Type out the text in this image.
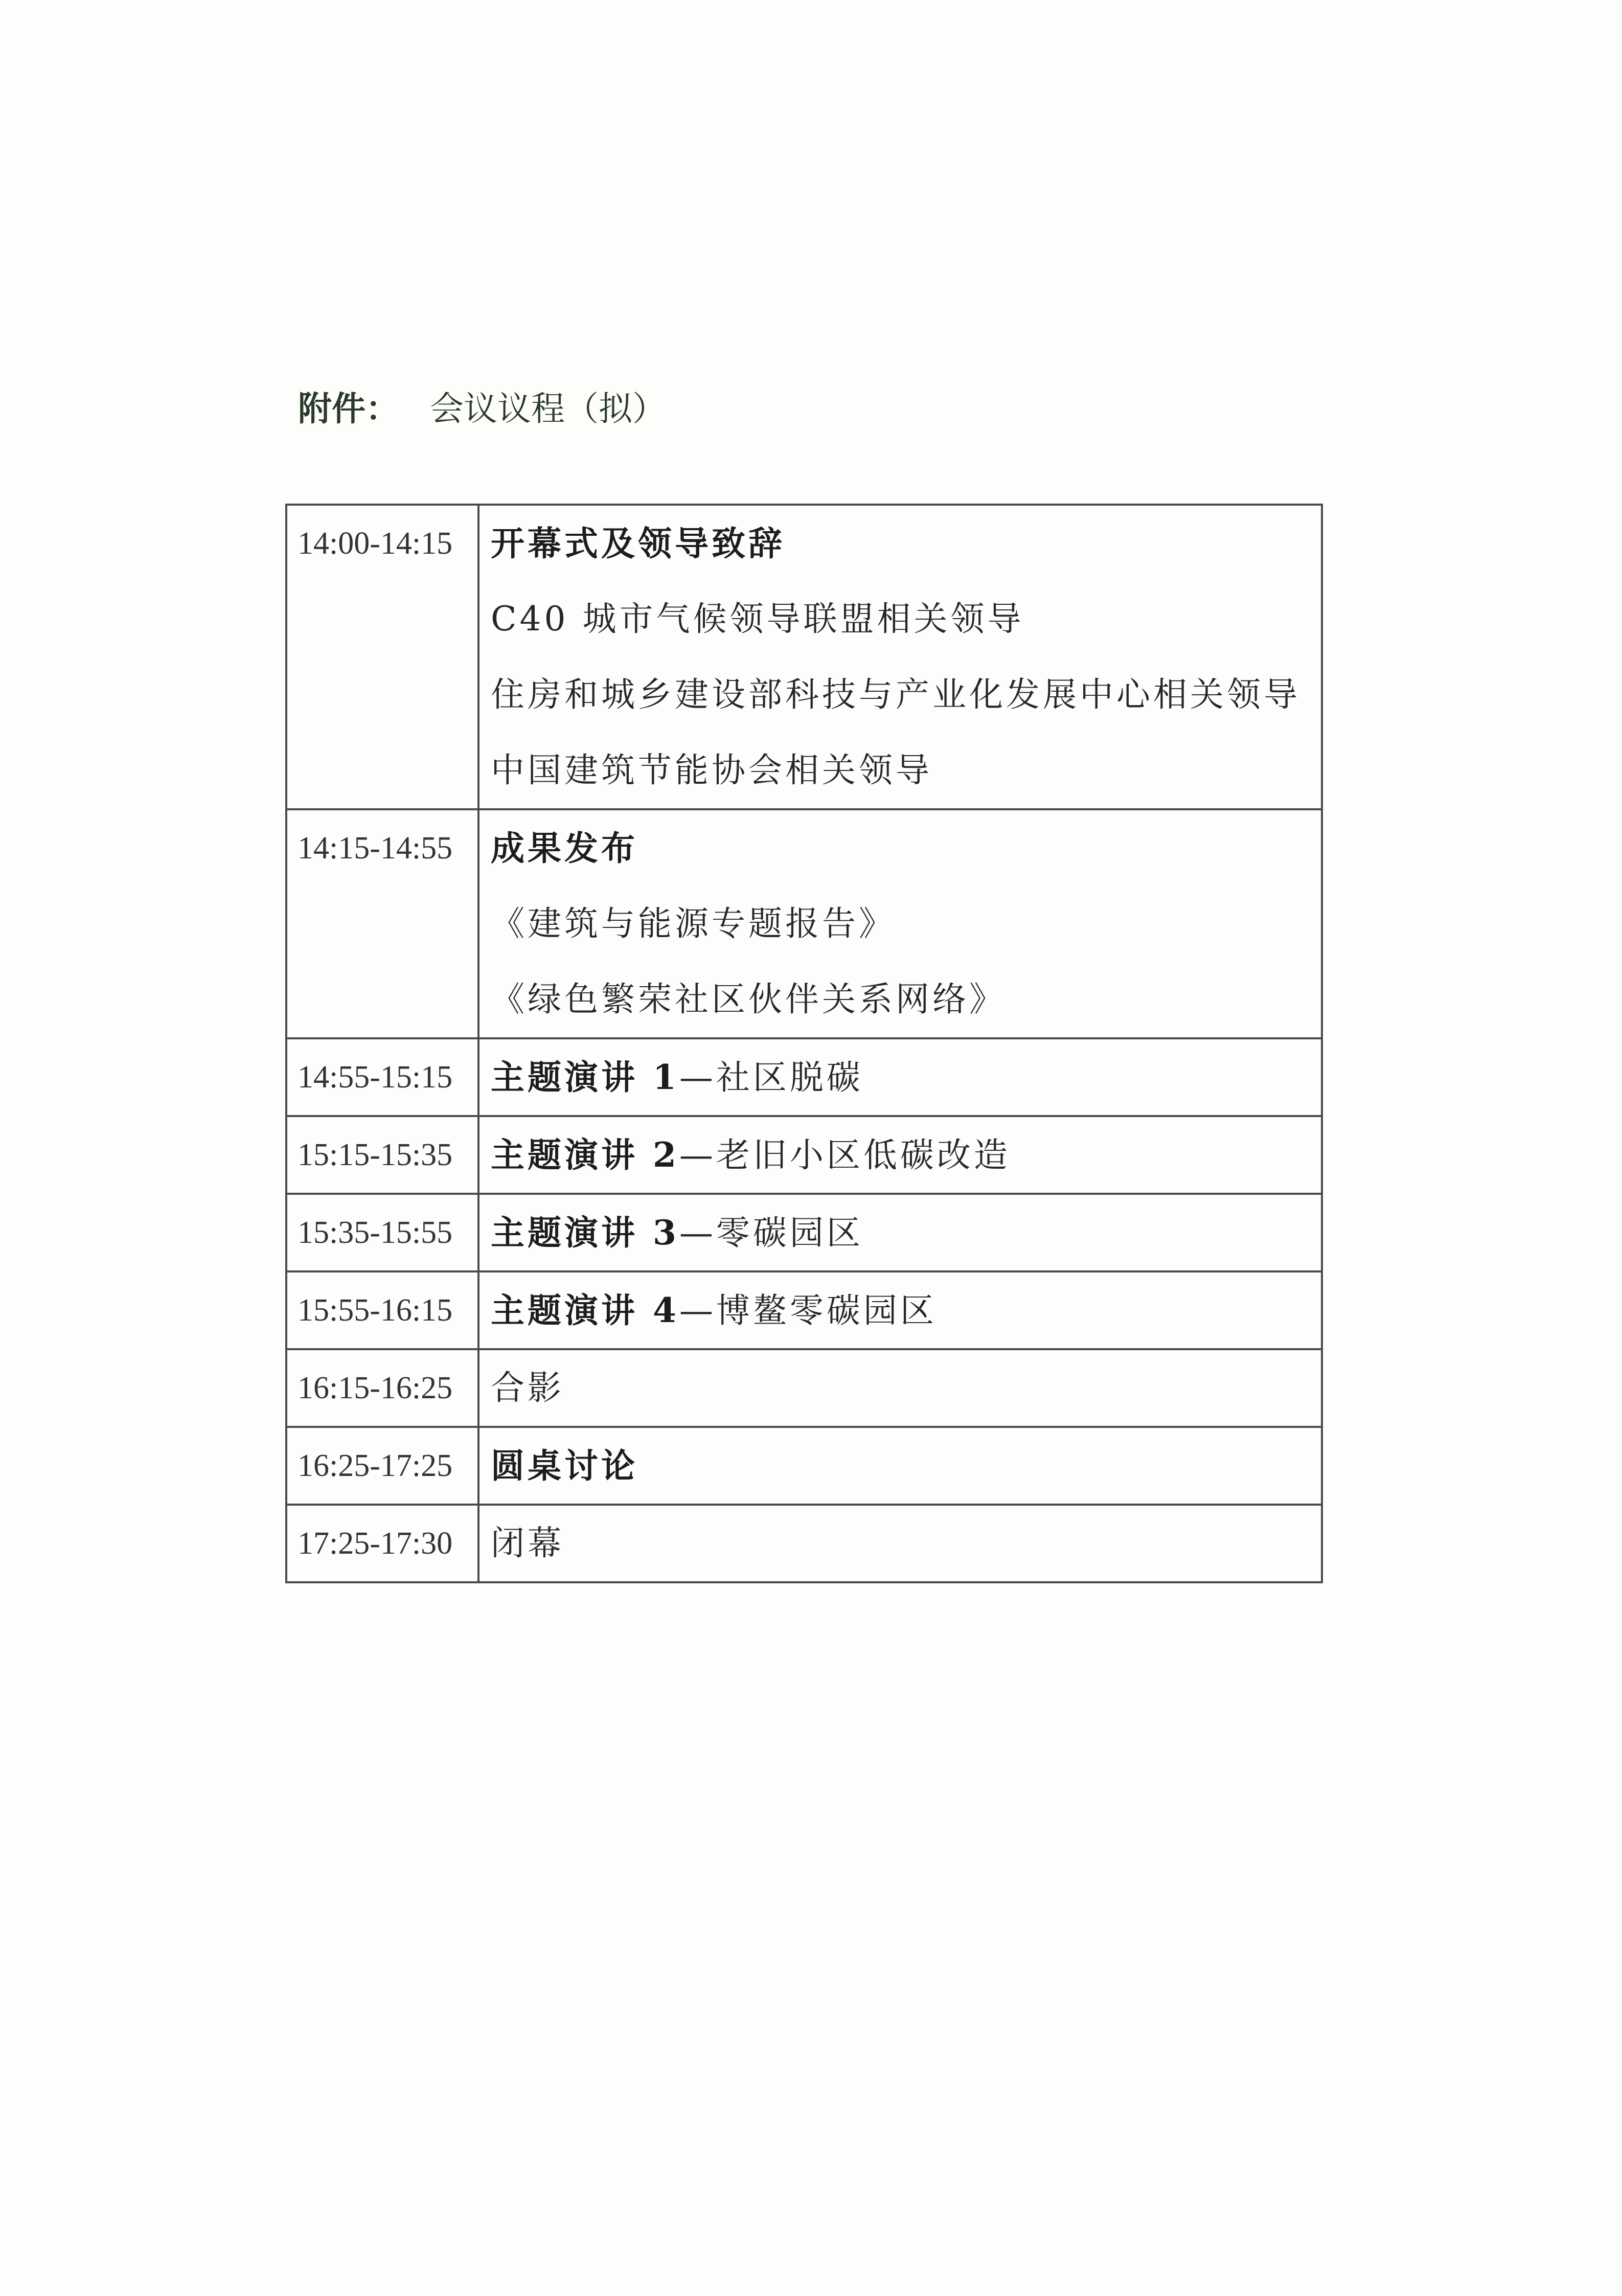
附件： 会议议程（拟）
14:00-14:15	开幕式及领导致辞
C40 城市气候领导联盟相关领导
住房和城乡建设部科技与产业化发展中心相关领导
中国建筑节能协会相关领导

14:15-14:55	成果发布
《建筑与能源专题报告》
《绿色繁荣社区伙伴关系网络》

14:55-15:15	主题演讲 1—社区脱碳

15:15-15:35	主题演讲 2—老旧小区低碳改造

15:35-15:55	主题演讲 3—零碳园区

15:55-16:15	主题演讲 4—博鳌零碳园区

16:15-16:25	合影

16:25-17:25	圆桌讨论

17:25-17:30	闭幕
